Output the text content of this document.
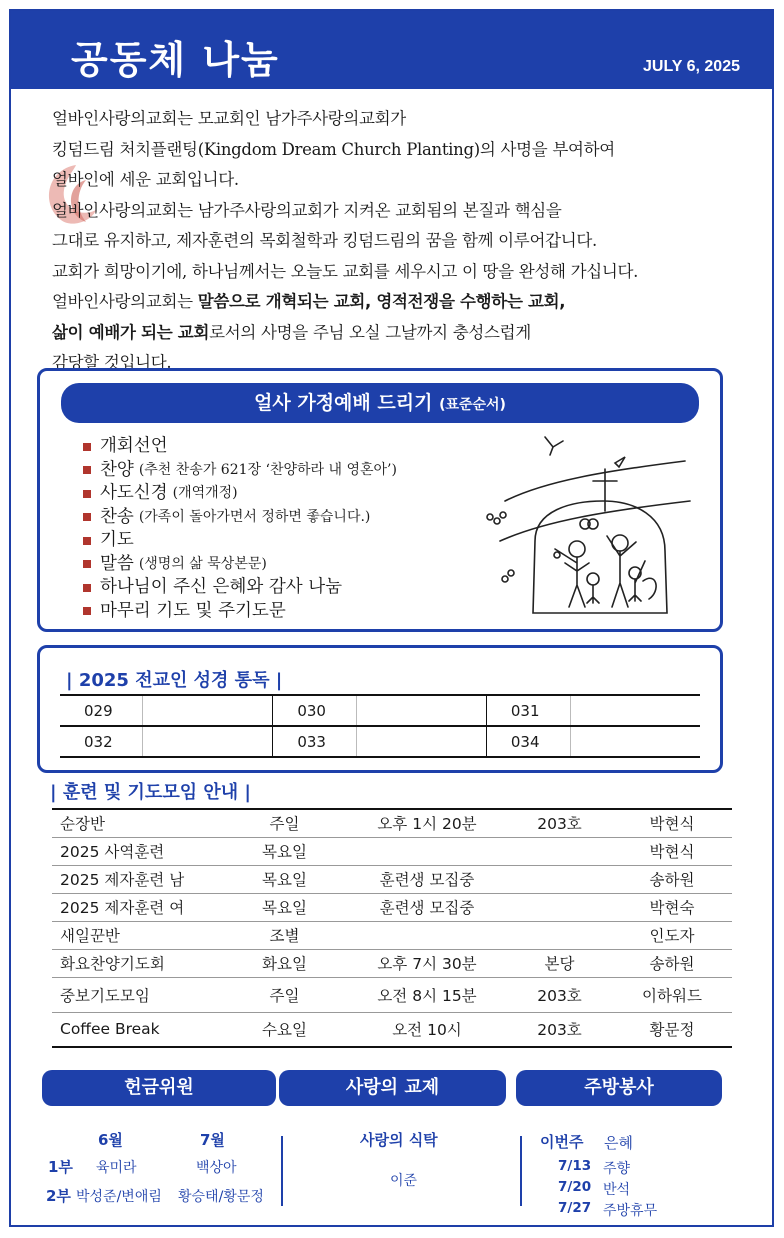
공동체 나눔	JULY 6, 2025

얼바인사랑의교회는 모교회인 남가주사랑의교회가

킹덤드림 처치플랜팅(Kingdom Dream Church Planting)의 사명을 부여하여

얼바인에 세운 교회입니다.

얼바인사랑의교회는 남가주사랑의교회가 지켜온 교회됨의 본질과 핵심을

그대로 유지하고, 제자훈련의 목회철학과 킹덤드림의 꿈을 함께 이루어갑니다.

교회가 희망이기에, 하나님께서는 오늘도 교회를 세우시고 이 땅을 완성해 가십니다.

얼바인사랑의교회는 말씀으로 개혁되는 교회, 영적전쟁을 수행하는 교회,

삶이 예배가 되는 교회로서의 사명을 주님 오실 그날까지 충성스럽게

감당할 것입니다.

얼사 가정예배 드리기 (표준순서)
개회선언
찬양 (추천 찬송가 621장 ‘찬양하라 내 영혼아’)
사도신경 (개역개정)
찬송 (가족이 돌아가면서 정하면 좋습니다.)
기도
말씀 (생명의 삶 묵상본문)
하나님이 주신 은혜와 감사 나눔
마무리 기도 및 주기도문
| 2025 전교인 성경 통독 |
029		030		031	
032		033		034	
| 훈련 및 기도모임 안내 |
순장반	주일	오후 1시 20분	203호	박현식
2025 사역훈련	목요일			박현식
2025 제자훈련 남	목요일	훈련생 모집중		송하원
2025 제자훈련 여	목요일	훈련생 모집중		박현숙
새일꾼반	조별			인도자
화요찬양기도회	화요일	오후 7시 30분	본당	송하원
중보기도모임	주일	오전 8시 15분	203호	이하워드
Coffee Break	수요일	오전 10시	203호	황문정
헌금위원	사랑의 교제	주방봉사
6월	7월
1부 육미라	백상아
2부 박성준/변애림 황승태/황문정
사랑의 식탁
이준
이번주 은혜
7/13 주향
7/20 반석
7/27 주방휴무
